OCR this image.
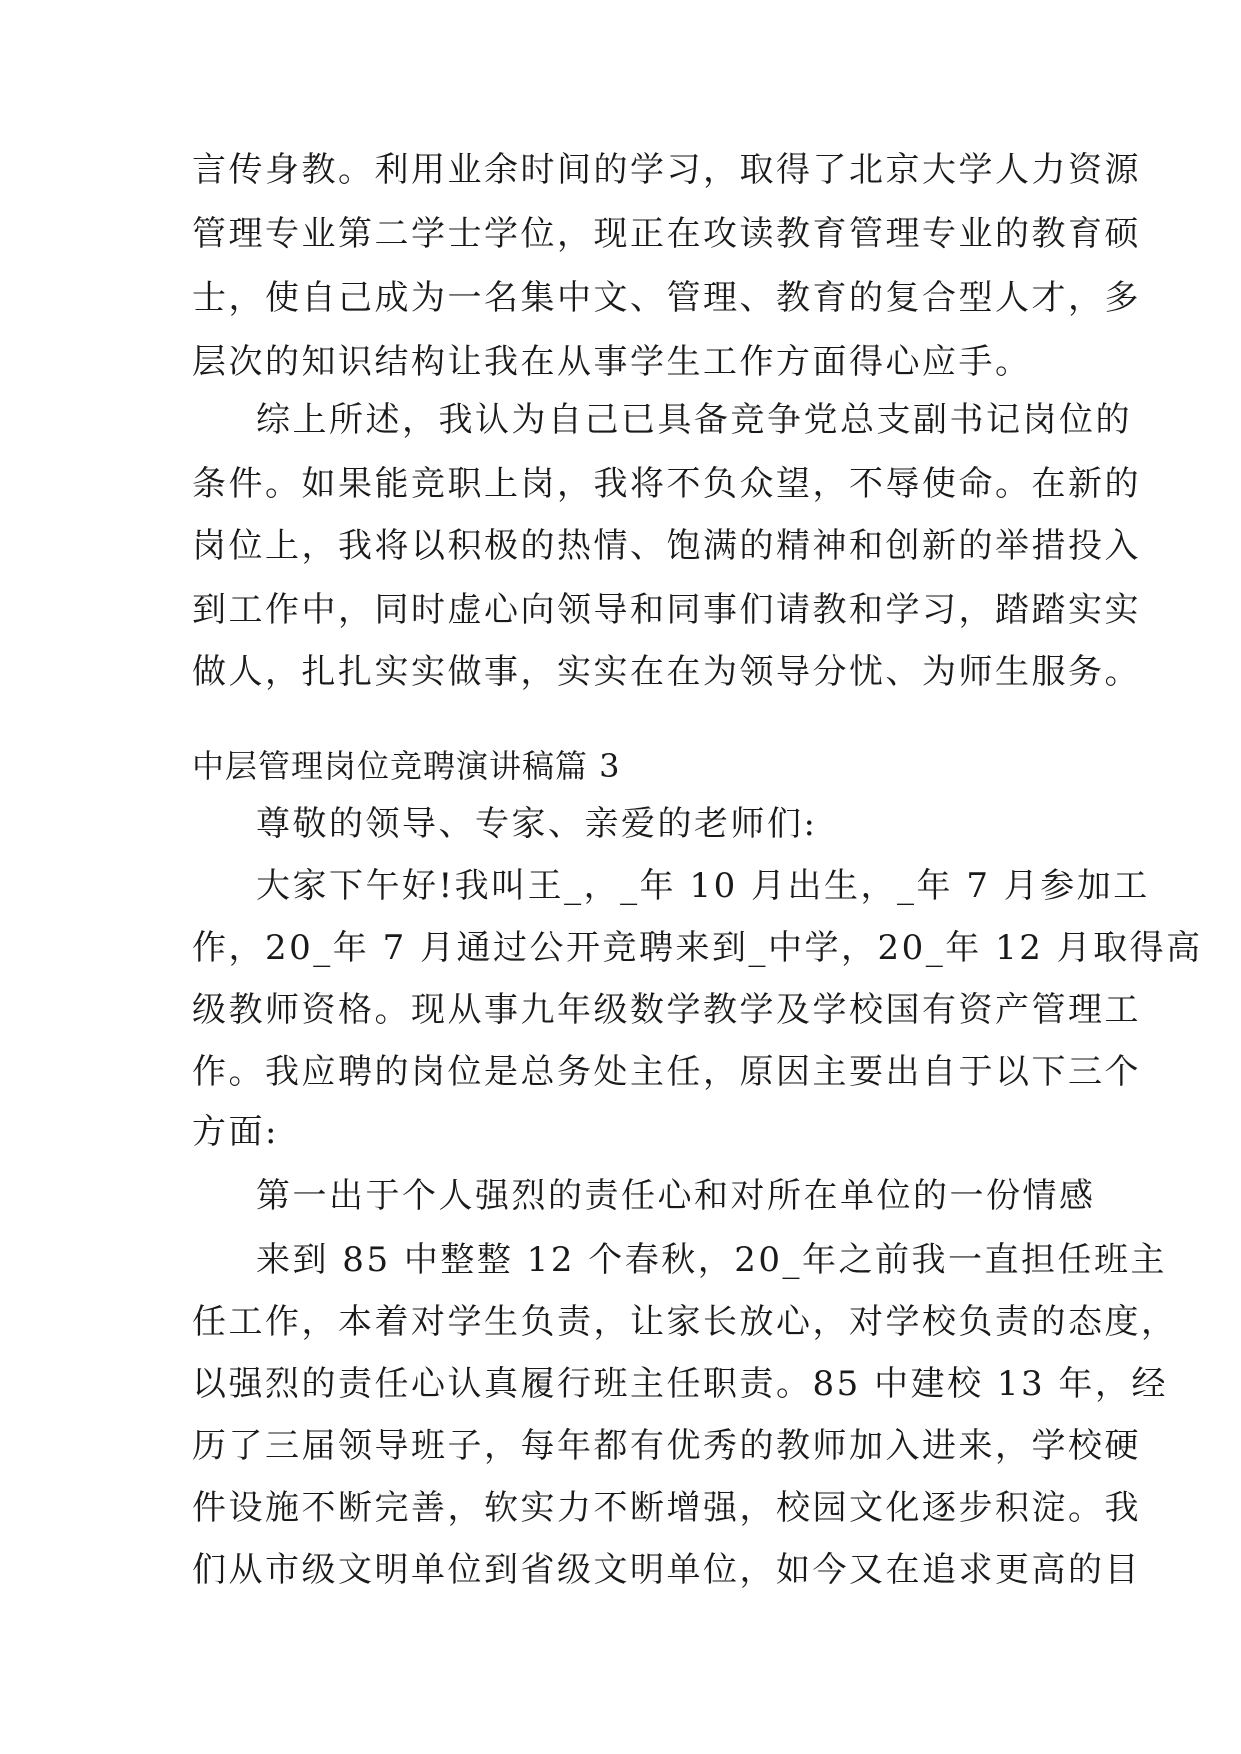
言传身教。利用业余时间的学习，取得了北京大学人力资源
管理专业第二学士学位，现正在攻读教育管理专业的教育硕
士，使自己成为一名集中文、管理、教育的复合型人才，多
层次的知识结构让我在从事学生工作方面得心应手。
综上所述，我认为自己已具备竞争党总支副书记岗位的
条件。如果能竞职上岗，我将不负众望，不辱使命。在新的
岗位上，我将以积极的热情、饱满的精神和创新的举措投入
到工作中，同时虚心向领导和同事们请教和学习，踏踏实实
做人，扎扎实实做事，实实在在为领导分忧、为师生服务。
中层管理岗位竞聘演讲稿篇 3
尊敬的领导、专家、亲爱的老师们:
大家下午好!我叫王_，_年 10 月出生，_年 7 月参加工
作，20_年 7 月通过公开竞聘来到_中学，20_年 12 月取得高
级教师资格。现从事九年级数学教学及学校国有资产管理工
作。我应聘的岗位是总务处主任，原因主要出自于以下三个
方面:
第一出于个人强烈的责任心和对所在单位的一份情感
来到 85 中整整 12 个春秋，20_年之前我一直担任班主
任工作，本着对学生负责，让家长放心，对学校负责的态度，
以强烈的责任心认真履行班主任职责。85 中建校 13 年，经
历了三届领导班子，每年都有优秀的教师加入进来，学校硬
件设施不断完善，软实力不断增强，校园文化逐步积淀。我
们从市级文明单位到省级文明单位，如今又在追求更高的目
